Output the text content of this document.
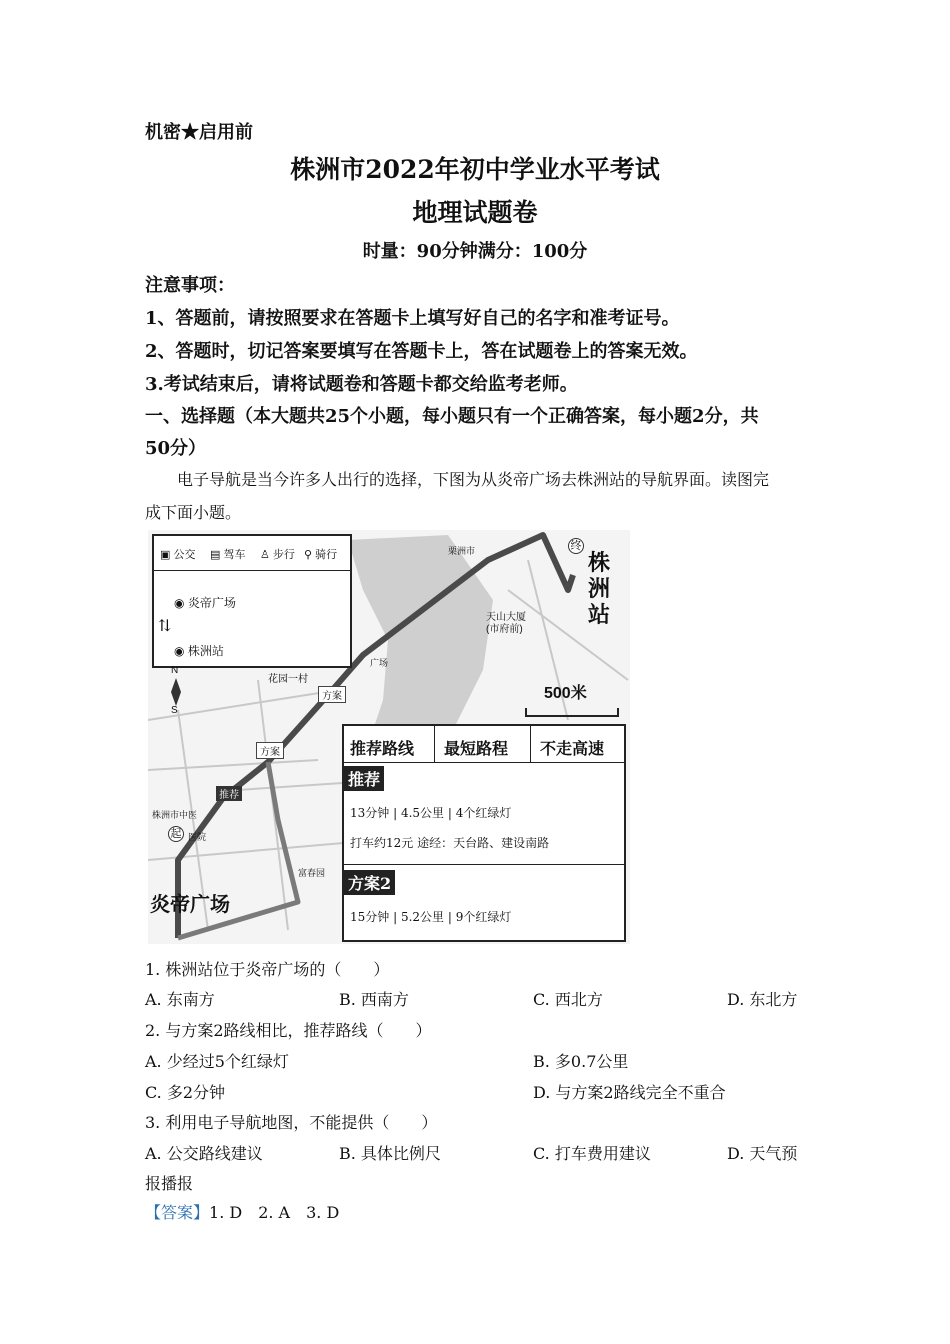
机密★启用前
株洲市2022年初中学业水平考试
地理试题卷
时量：90分钟满分：100分
注意事项：
1、答题前，请按照要求在答题卡上填写好自己的名字和准考证号。
2、答题时，切记答案要填写在答题卡上，答在试题卷上的答案无效。
3.考试结束后，请将试题卷和答题卡都交给监考老师。
一、选择题（本大题共25个小题，每小题只有一个正确答案，每小题2分，共
50分）
电子导航是当今许多人出行的选择，下图为从炎帝广场去株洲站的导航界面。读图完
成下面小题。
▣ 公交 ▤ 驾车 ♙ 步行 ⚲ 骑行
⇅
◉ 炎帝广场
◉ 株洲站
N
S
株
洲
站
终
天山大厦
(市府前)
栗洲市
广场
花园一村
500米
方案
方案
推荐
起
株洲市中医
医院
富春园
炎帝广场
推荐路线 最短路程 不走高速
推荐
13分钟 | 4.5公里 | 4个红绿灯
打车约12元 途经：天台路、建设南路
方案2
15分钟 | 5.2公里 | 9个红绿灯
1. 株洲站位于炎帝广场的（　　）
A. 东南方	B. 西南方	C. 西北方	D. 东北方
2. 与方案2路线相比，推荐路线（　　）
A. 少经过5个红绿灯	B. 多0.7公里
C. 多2分钟	D. 与方案2路线完全不重合
3. 利用电子导航地图，不能提供（　　）
A. 公交路线建议	B. 具体比例尺	C. 打车费用建议	D. 天气预
报播报
【答案】1. D　2. A　3. D
